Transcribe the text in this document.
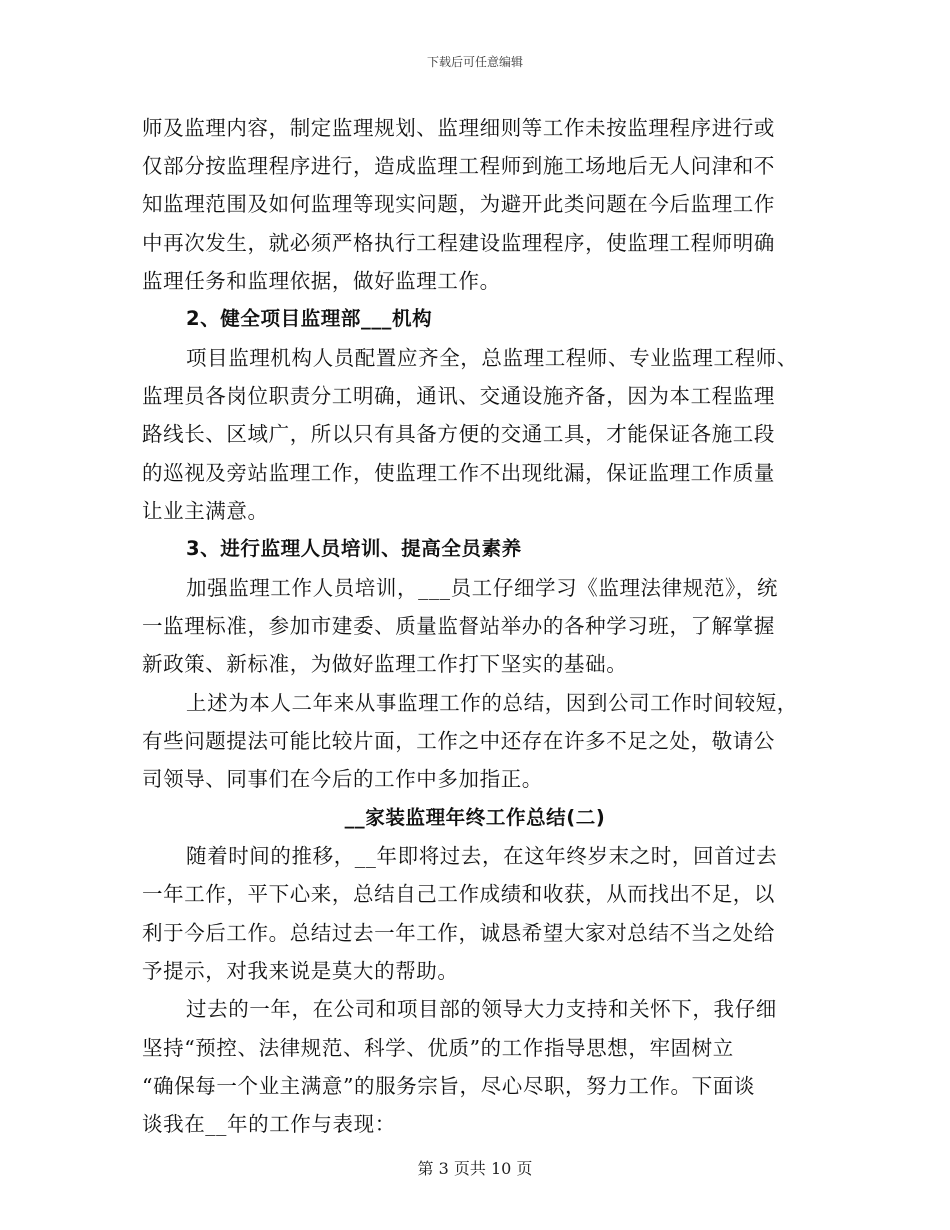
下载后可任意编辑
师及监理内容，制定监理规划、监理细则等工作未按监理程序进行或
仅部分按监理程序进行，造成监理工程师到施工场地后无人问津和不
知监理范围及如何监理等现实问题，为避开此类问题在今后监理工作
中再次发生，就必须严格执行工程建设监理程序，使监理工程师明确
监理任务和监理依据，做好监理工作。
2、健全项目监理部___机构
项目监理机构人员配置应齐全，总监理工程师、专业监理工程师、
监理员各岗位职责分工明确，通讯、交通设施齐备，因为本工程监理
路线长、区域广，所以只有具备方便的交通工具，才能保证各施工段
的巡视及旁站监理工作，使监理工作不出现纰漏，保证监理工作质量
让业主满意。
3、进行监理人员培训、提高全员素养
加强监理工作人员培训，___员工仔细学习《监理法律规范》，统
一监理标准，参加市建委、质量监督站举办的各种学习班，了解掌握
新政策、新标准，为做好监理工作打下坚实的基础。
上述为本人二年来从事监理工作的总结，因到公司工作时间较短，
有些问题提法可能比较片面，工作之中还存在许多不足之处，敬请公
司领导、同事们在今后的工作中多加指正。
__家装监理年终工作总结(二)
随着时间的推移，__年即将过去，在这年终岁末之时，回首过去
一年工作，平下心来，总结自己工作成绩和收获，从而找出不足，以
利于今后工作。总结过去一年工作，诚恳希望大家对总结不当之处给
予提示，对我来说是莫大的帮助。
过去的一年，在公司和项目部的领导大力支持和关怀下，我仔细
坚持“预控、法律规范、科学、优质”的工作指导思想，牢固树立
“确保每一个业主满意”的服务宗旨，尽心尽职，努力工作。下面谈
谈我在__年的工作与表现：
第 3 页共 10 页
